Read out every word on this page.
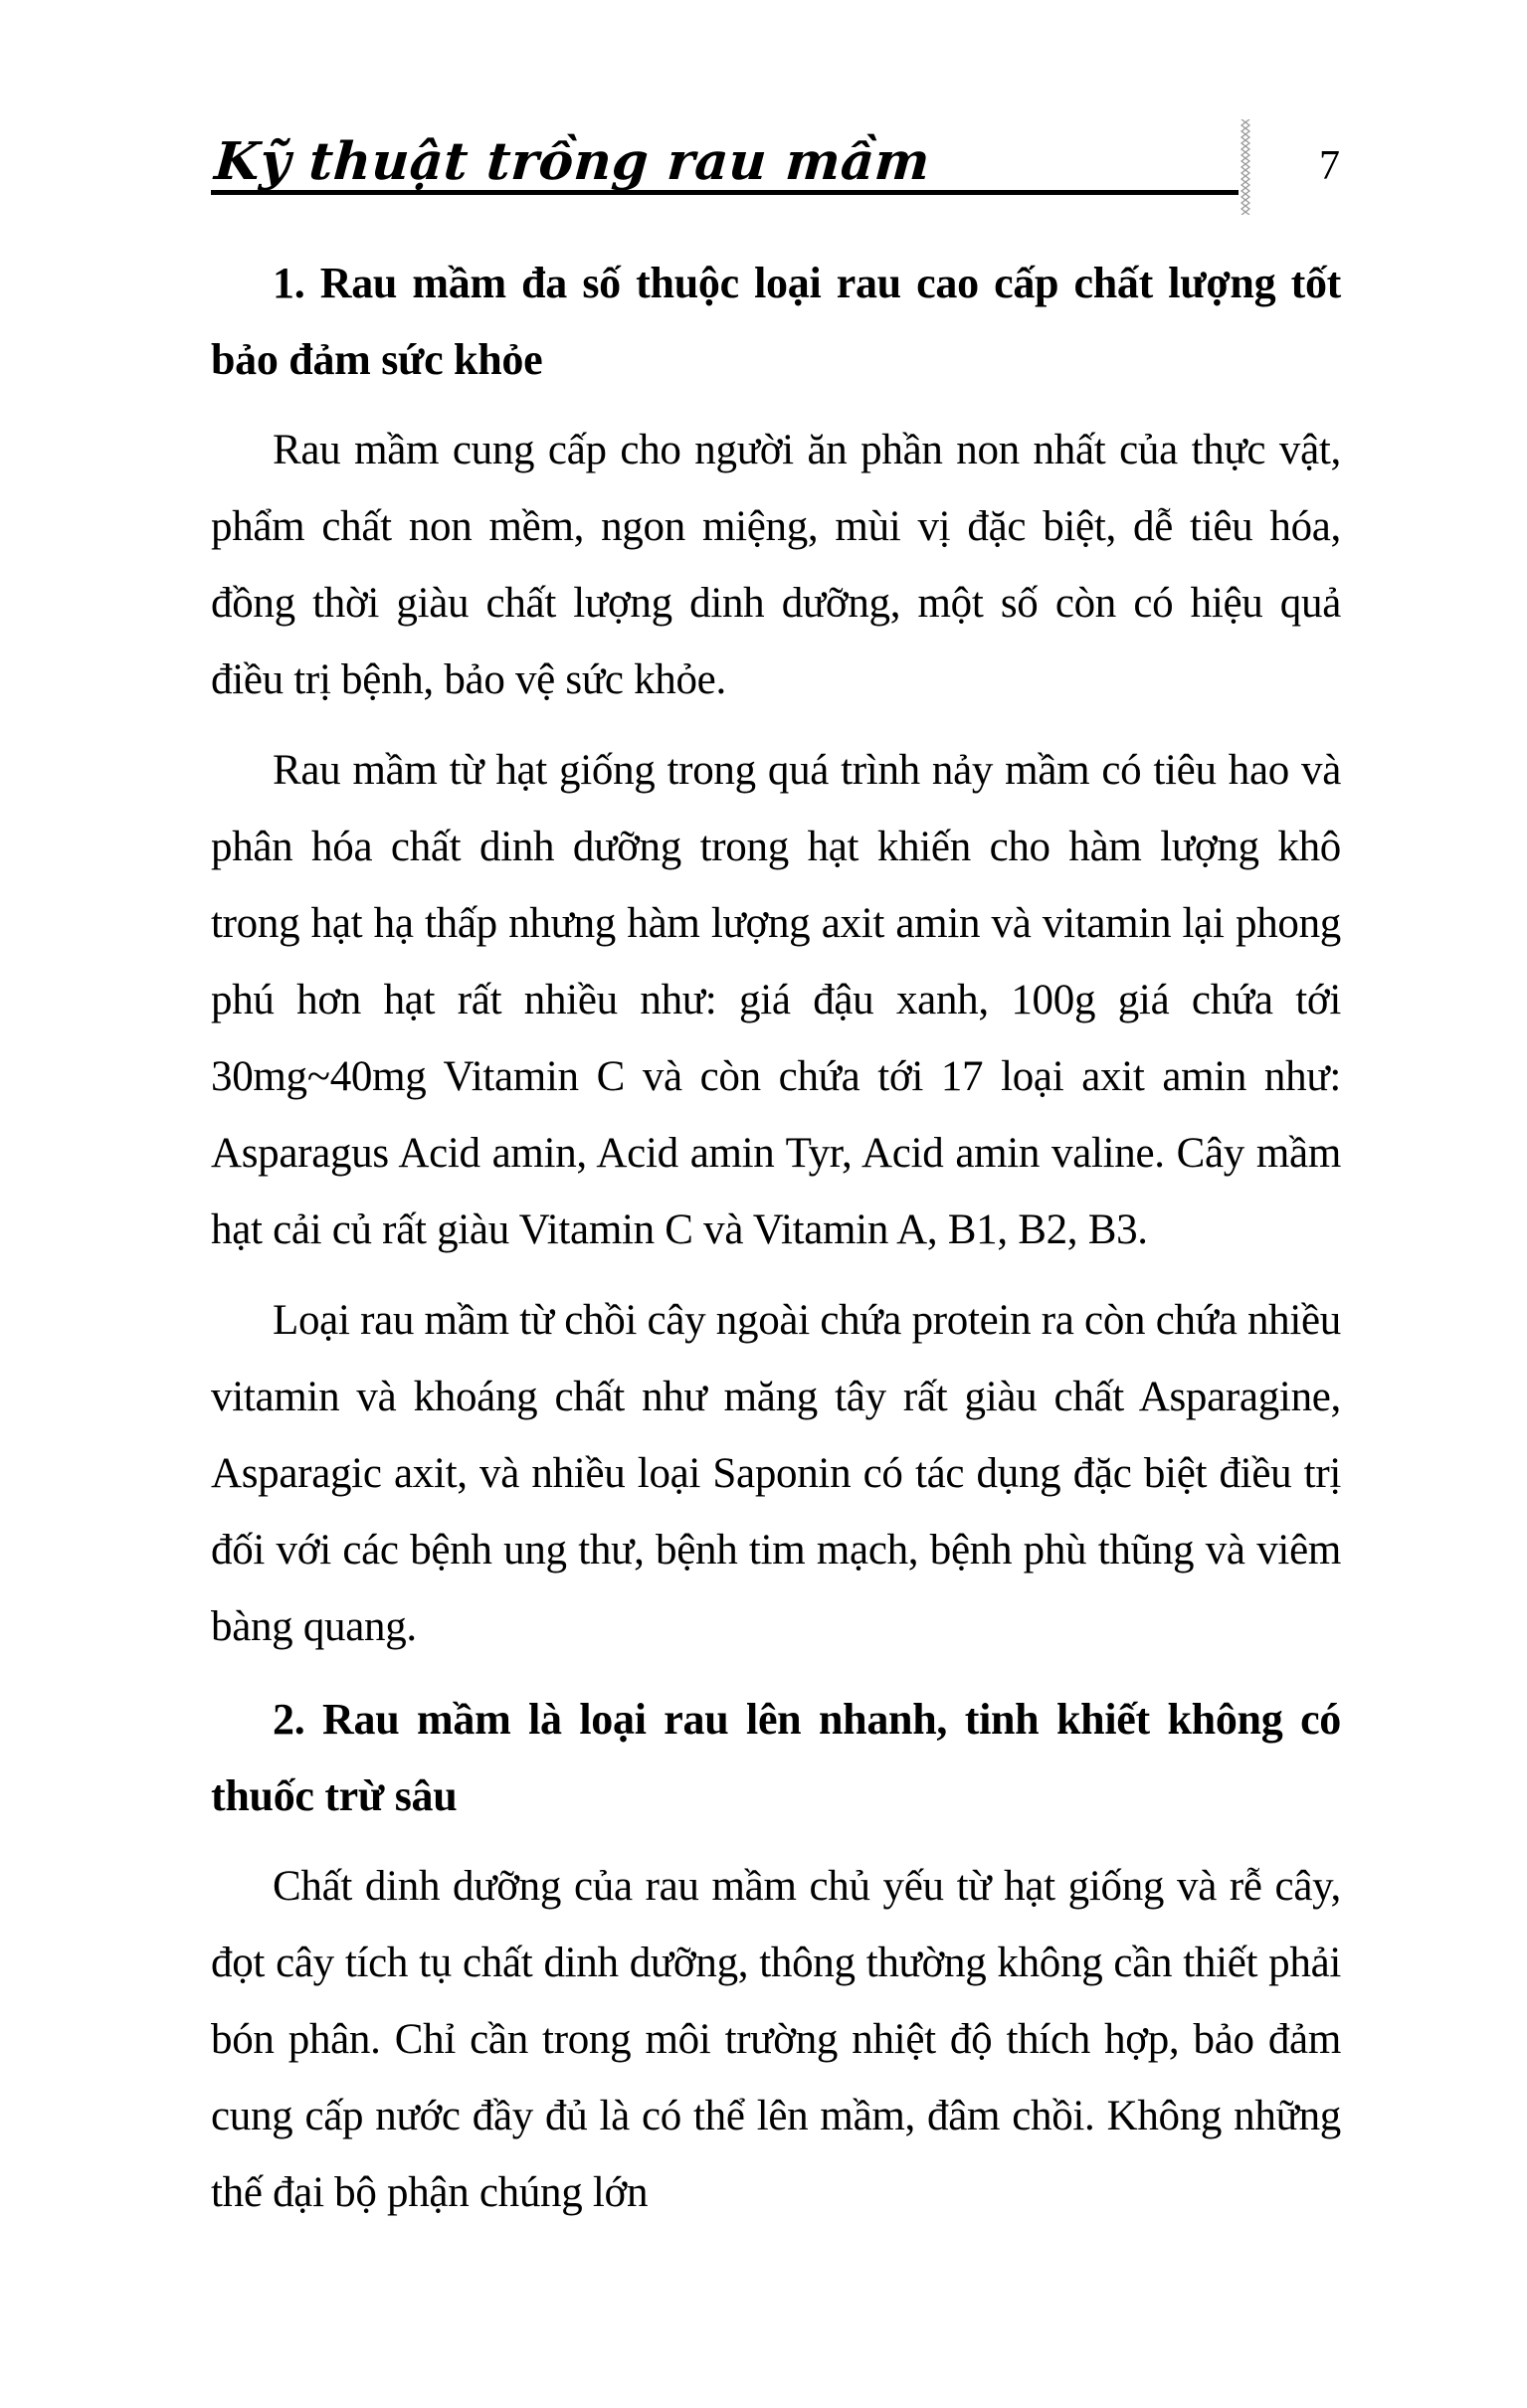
Kỹ thuật trồng rau mầm	7
1. Rau mầm đa số thuộc loại rau cao cấp chất lượng tốt bảo đảm sức khỏe

Rau mầm cung cấp cho người ăn phần non nhất của thực vật, phẩm chất non mềm, ngon miệng, mùi vị đặc biệt, dễ tiêu hóa, đồng thời giàu chất lượng dinh dưỡng, một số còn có hiệu quả điều trị bệnh, bảo vệ sức khỏe.

Rau mầm từ hạt giống trong quá trình nảy mầm có tiêu hao và phân hóa chất dinh dưỡng trong hạt khiến cho hàm lượng khô trong hạt hạ thấp nhưng hàm lượng axit amin và vitamin lại phong phú hơn hạt rất nhiều như: giá đậu xanh, 100g giá chứa tới 30mg~40mg Vitamin C và còn chứa tới 17 loại axit amin như: Asparagus Acid amin, Acid amin Tyr, Acid amin valine. Cây mầm hạt cải củ rất giàu Vitamin C và Vitamin A, B1, B2, B3.

Loại rau mầm từ chồi cây ngoài chứa protein ra còn chứa nhiều vitamin và khoáng chất như măng tây rất giàu chất Asparagine, Asparagic axit, và nhiều loại Saponin có tác dụng đặc biệt điều trị đối với các bệnh ung thư, bệnh tim mạch, bệnh phù thũng và viêm bàng quang.

2. Rau mầm là loại rau lên nhanh, tinh khiết không có thuốc trừ sâu

Chất dinh dưỡng của rau mầm chủ yếu từ hạt giống và rễ cây, đọt cây tích tụ chất dinh dưỡng, thông thường không cần thiết phải bón phân. Chỉ cần trong môi trường nhiệt độ thích hợp, bảo đảm cung cấp nước đầy đủ là có thể lên mầm, đâm chồi. Không những thế đại bộ phận chúng lớn
